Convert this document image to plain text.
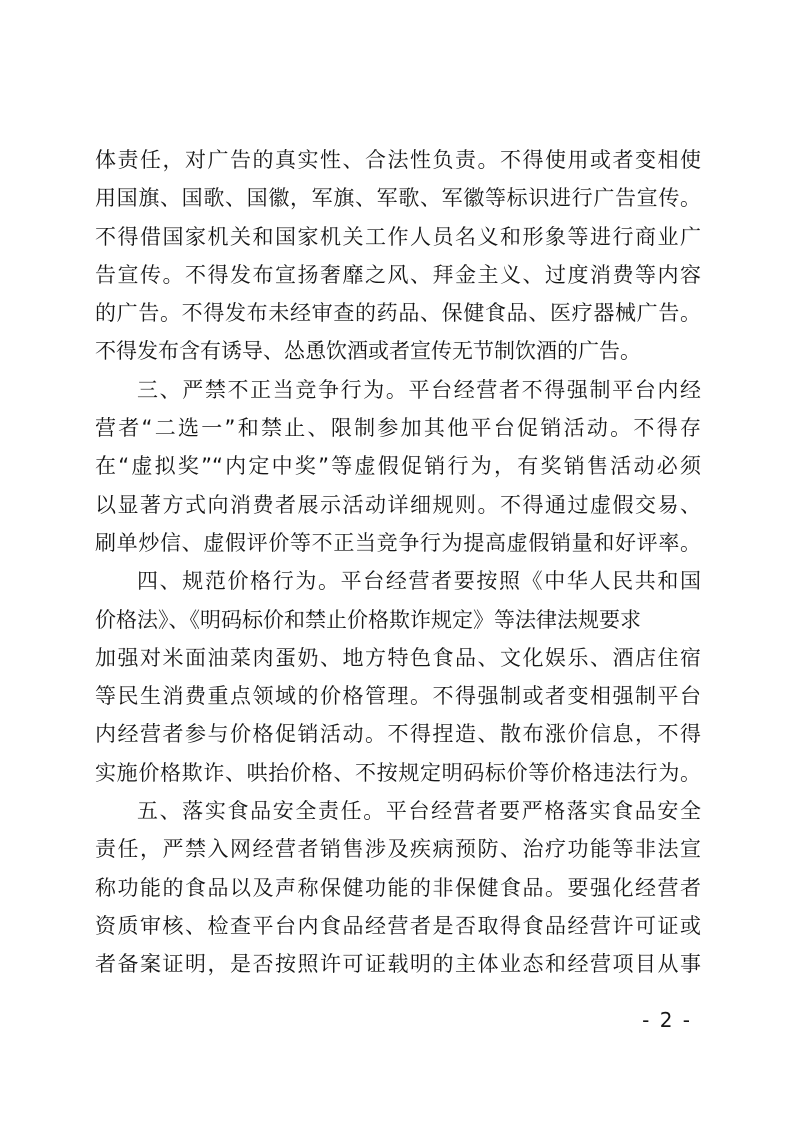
体责任，对广告的真实性、合法性负责。不得使用或者变相使
用国旗、国歌、国徽，军旗、军歌、军徽等标识进行广告宣传。
不得借国家机关和国家机关工作人员名义和形象等进行商业广
告宣传。不得发布宣扬奢靡之风、拜金主义、过度消费等内容
的广告。不得发布未经审查的药品、保健食品、医疗器械广告。
不得发布含有诱导、怂恿饮酒或者宣传无节制饮酒的广告。
三、严禁不正当竞争行为。平台经营者不得强制平台内经
营者“二选一”和禁止、限制参加其他平台促销活动。不得存
在“虚拟奖”“内定中奖”等虚假促销行为，有奖销售活动必须
以显著方式向消费者展示活动详细规则。不得通过虚假交易、
刷单炒信、虚假评价等不正当竞争行为提高虚假销量和好评率。
四、规范价格行为。平台经营者要按照《中华人民共和国
价格法》、《明码标价和禁止价格欺诈规定》等法律法规要求
加强对米面油菜肉蛋奶、地方特色食品、文化娱乐、酒店住宿
等民生消费重点领域的价格管理。不得强制或者变相强制平台
内经营者参与价格促销活动。不得捏造、散布涨价信息，不得
实施价格欺诈、哄抬价格、不按规定明码标价等价格违法行为。
五、落实食品安全责任。平台经营者要严格落实食品安全
责任，严禁入网经营者销售涉及疾病预防、治疗功能等非法宣
称功能的食品以及声称保健功能的非保健食品。要强化经营者
资质审核、检查平台内食品经营者是否取得食品经营许可证或
者备案证明，是否按照许可证载明的主体业态和经营项目从事
- 2 -
